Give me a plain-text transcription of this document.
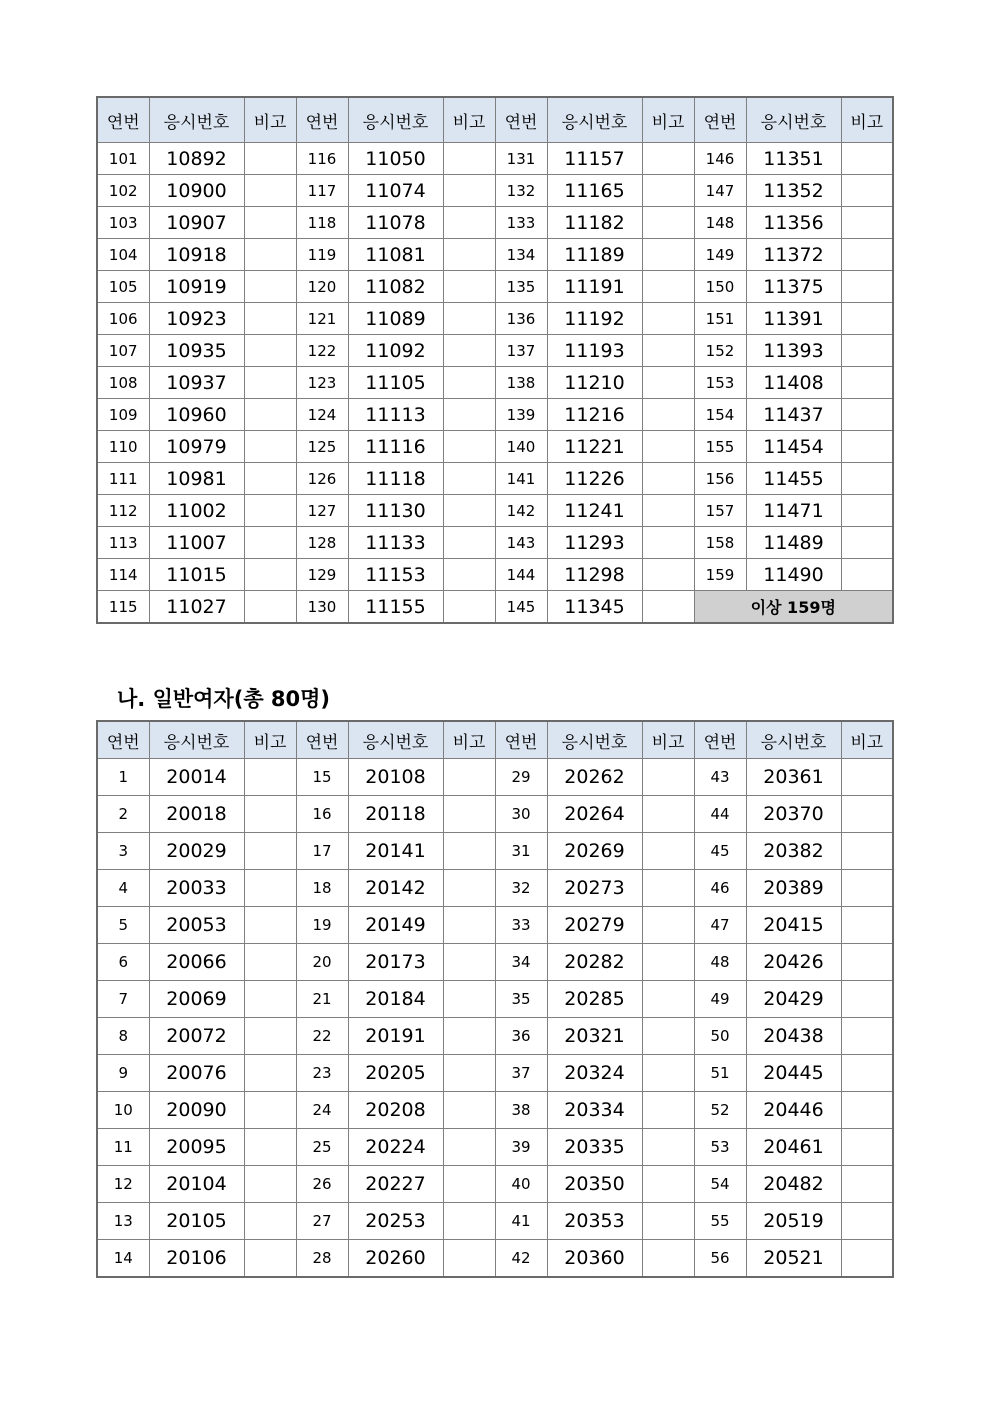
연번	응시번호	비고	연번	응시번호	비고	연번	응시번호	비고	연번	응시번호	비고
101	10892		116	11050		131	11157		146	11351	
102	10900		117	11074		132	11165		147	11352	
103	10907		118	11078		133	11182		148	11356	
104	10918		119	11081		134	11189		149	11372	
105	10919		120	11082		135	11191		150	11375	
106	10923		121	11089		136	11192		151	11391	
107	10935		122	11092		137	11193		152	11393	
108	10937		123	11105		138	11210		153	11408	
109	10960		124	11113		139	11216		154	11437	
110	10979		125	11116		140	11221		155	11454	
111	10981		126	11118		141	11226		156	11455	
112	11002		127	11130		142	11241		157	11471	
113	11007		128	11133		143	11293		158	11489	
114	11015		129	11153		144	11298		159	11490	
115	11027		130	11155		145	11345		이상 159명		
나. 일반여자(총 80명)
연번	응시번호	비고	연번	응시번호	비고	연번	응시번호	비고	연번	응시번호	비고
1	20014		15	20108		29	20262		43	20361	
2	20018		16	20118		30	20264		44	20370	
3	20029		17	20141		31	20269		45	20382	
4	20033		18	20142		32	20273		46	20389	
5	20053		19	20149		33	20279		47	20415	
6	20066		20	20173		34	20282		48	20426	
7	20069		21	20184		35	20285		49	20429	
8	20072		22	20191		36	20321		50	20438	
9	20076		23	20205		37	20324		51	20445	
10	20090		24	20208		38	20334		52	20446	
11	20095		25	20224		39	20335		53	20461	
12	20104		26	20227		40	20350		54	20482	
13	20105		27	20253		41	20353		55	20519	
14	20106		28	20260		42	20360		56	20521	
